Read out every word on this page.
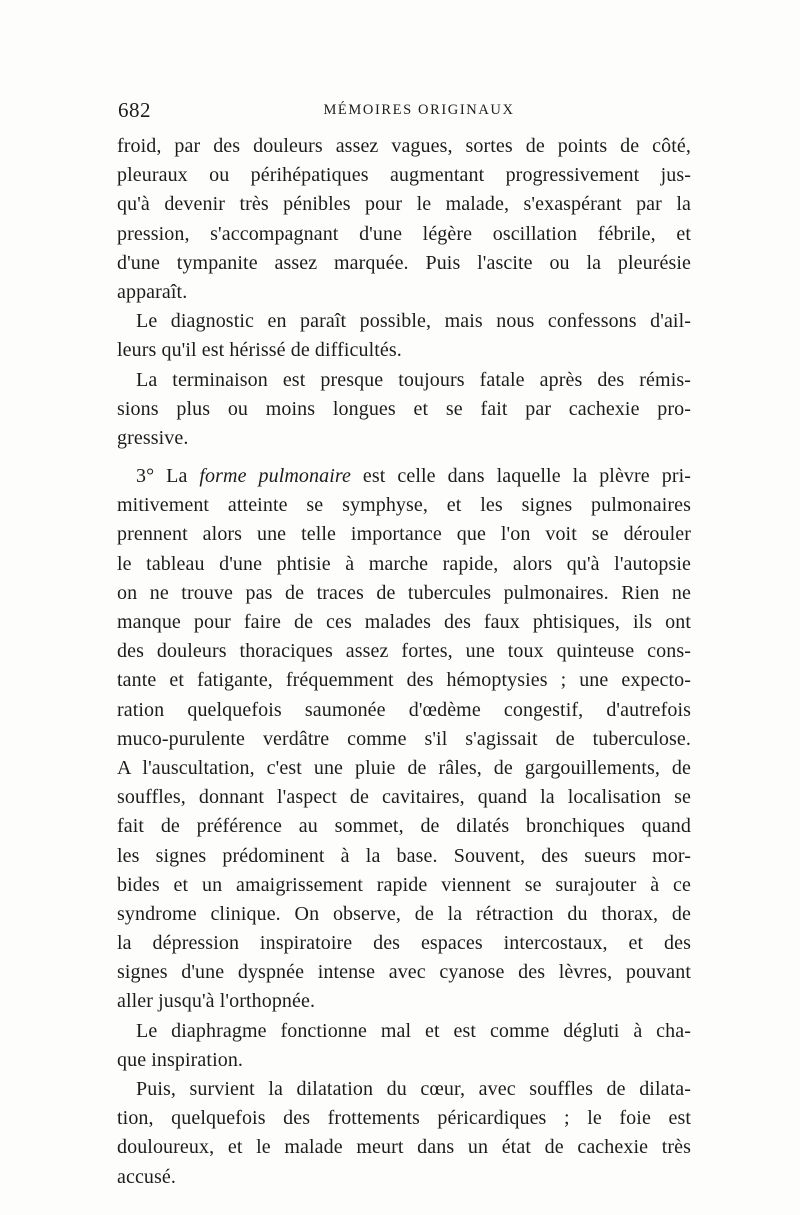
682	MÉMOIRES ORIGINAUX
froid, par des douleurs assez vagues, sortes de points de côté,
pleuraux ou périhépatiques augmentant progressivement jus-
qu'à devenir très pénibles pour le malade, s'exaspérant par la
pression, s'accompagnant d'une légère oscillation fébrile, et
d'une tympanite assez marquée. Puis l'ascite ou la pleurésie
apparaît.
Le diagnostic en paraît possible, mais nous confessons d'ail-
leurs qu'il est hérissé de difficultés.
La terminaison est presque toujours fatale après des rémis-
sions plus ou moins longues et se fait par cachexie pro-
gressive.
3° La forme pulmonaire est celle dans laquelle la plèvre pri-
mitivement atteinte se symphyse, et les signes pulmonaires
prennent alors une telle importance que l'on voit se dérouler
le tableau d'une phtisie à marche rapide, alors qu'à l'autopsie
on ne trouve pas de traces de tubercules pulmonaires. Rien ne
manque pour faire de ces malades des faux phtisiques, ils ont
des douleurs thoraciques assez fortes, une toux quinteuse cons-
tante et fatigante, fréquemment des hémoptysies ; une expecto-
ration quelquefois saumonée d'œdème congestif, d'autrefois
muco-purulente verdâtre comme s'il s'agissait de tuberculose.
A l'auscultation, c'est une pluie de râles, de gargouillements, de
souffles, donnant l'aspect de cavitaires, quand la localisation se
fait de préférence au sommet, de dilatés bronchiques quand
les signes prédominent à la base. Souvent, des sueurs mor-
bides et un amaigrissement rapide viennent se surajouter à ce
syndrome clinique. On observe, de la rétraction du thorax, de
la dépression inspiratoire des espaces intercostaux, et des
signes d'une dyspnée intense avec cyanose des lèvres, pouvant
aller jusqu'à l'orthopnée.
Le diaphragme fonctionne mal et est comme dégluti à cha-
que inspiration.
Puis, survient la dilatation du cœur, avec souffles de dilata-
tion, quelquefois des frottements péricardiques ; le foie est
douloureux, et le malade meurt dans un état de cachexie très
accusé.
